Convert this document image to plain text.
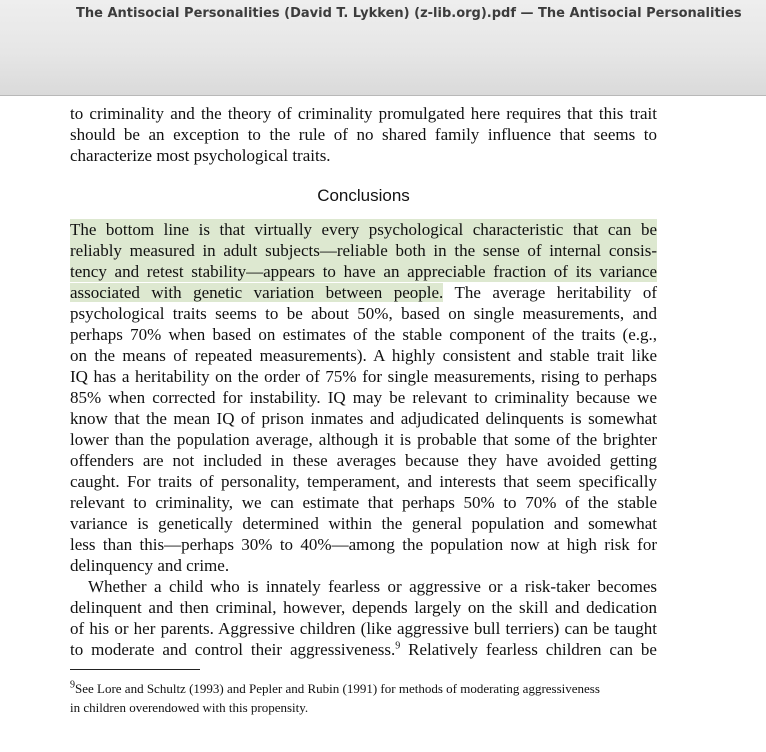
The Antisocial Personalities (David T. Lykken) (z-lib.org).pdf — The Antisocial Personalities
to criminality and the theory of criminality promulgated here requires that this trait
should be an exception to the rule of no shared family influence that seems to
characterize most psychological traits.
Conclusions
The bottom line is that virtually every psychological characteristic that can be
reliably measured in adult subjects—reliable both in the sense of internal consis-
tency and retest stability—appears to have an appreciable fraction of its variance
associated with genetic variation between people. The average heritability of
psychological traits seems to be about 50%, based on single measurements, and
perhaps 70% when based on estimates of the stable component of the traits (e.g.,
on the means of repeated measurements). A highly consistent and stable trait like
IQ has a heritability on the order of 75% for single measurements, rising to perhaps
85% when corrected for instability. IQ may be relevant to criminality because we
know that the mean IQ of prison inmates and adjudicated delinquents is somewhat
lower than the population average, although it is probable that some of the brighter
offenders are not included in these averages because they have avoided getting
caught. For traits of personality, temperament, and interests that seem specifically
relevant to criminality, we can estimate that perhaps 50% to 70% of the stable
variance is genetically determined within the general population and somewhat
less than this—perhaps 30% to 40%—among the population now at high risk for
delinquency and crime.
Whether a child who is innately fearless or aggressive or a risk-taker becomes
delinquent and then criminal, however, depends largely on the skill and dedication
of his or her parents. Aggressive children (like aggressive bull terriers) can be taught
to moderate and control their aggressiveness.$^9$ Relatively fearless children can be
$^9$See Lore and Schultz (1993) and Pepler and Rubin (1991) for methods of moderating aggressiveness
in children overendowed with this propensity.
